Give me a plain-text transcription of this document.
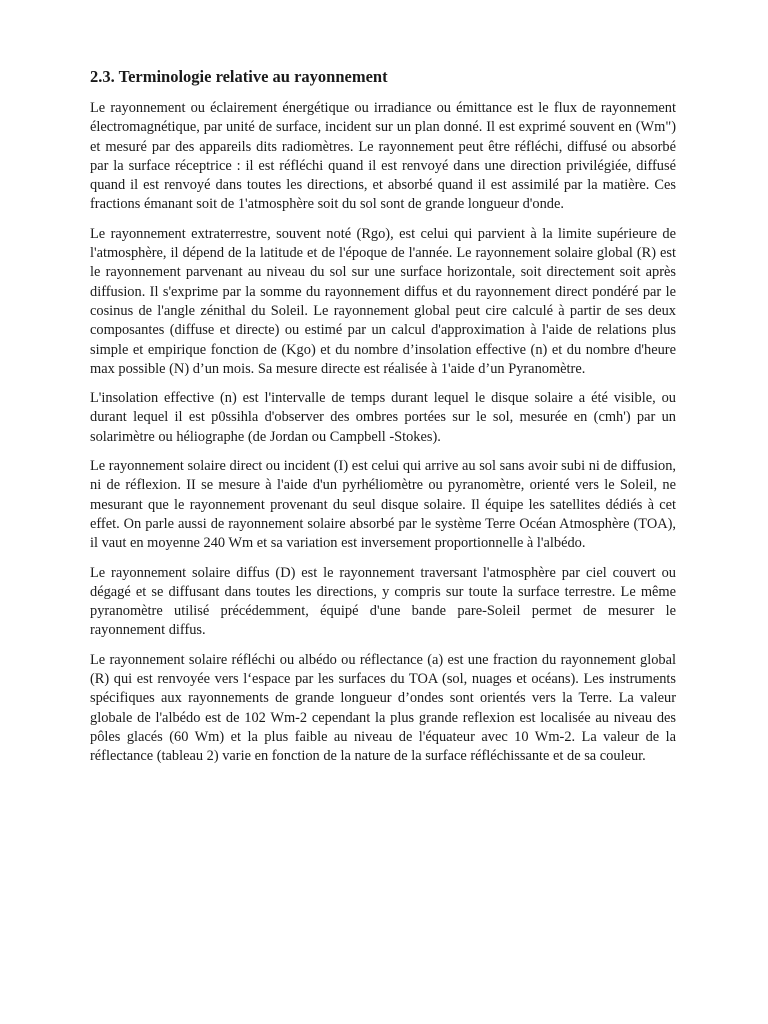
2.3. Terminologie relative au rayonnement

Le rayonnement ou éclairement énergétique ou irradiance ou émittance est le flux de rayonnement électromagnétique, par unité de surface, incident sur un plan donné. Il est exprimé souvent en (Wm") et mesuré par des appareils dits radiomètres. Le rayonnement peut être réfléchi, diffusé ou absorbé par la surface réceptrice : il est réfléchi quand il est renvoyé dans une direction privilégiée, diffusé quand il est renvoyé dans toutes les directions, et absorbé quand il est assimilé par la matière. Ces fractions émanant soit de 1'atmosphère soit du sol sont de grande longueur d'onde.

Le rayonnement extraterrestre, souvent noté (Rgo), est celui qui parvient à la limite supérieure de l'atmosphère, il dépend de la latitude et de l'époque de l'année. Le rayonnement solaire global (R) est le rayonnement parvenant au niveau du sol sur une surface horizontale, soit directement soit après diffusion. Il s'exprime par la somme du rayonnement diffus et du rayonnement direct pondéré par le cosinus de l'angle zénithal du Soleil. Le rayonnement global peut cire calculé à partir de ses deux composantes (diffuse et directe) ou estimé par un calcul d'approximation à l'aide de relations plus simple et empirique fonction de (Kgo) et du nombre d’insolation effective (n) et du nombre d'heure max possible (N) d’un mois. Sa mesure directe est réalisée à 1'aide d’un Pyranomètre.

L'insolation effective (n) est l'intervalle de temps durant lequel le disque solaire a été visible, ou durant lequel il est p0ssihla d'observer des ombres portées sur le sol, mesurée en (cmh') par un solarimètre ou héliographe (de Jordan ou Campbell -Stokes).

Le rayonnement solaire direct ou incident (I) est celui qui arrive au sol sans avoir subi ni de diffusion, ni de réflexion. II se mesure à l'aide d'un pyrhéliomètre ou pyranomètre, orienté vers le Soleil, ne mesurant que le rayonnement provenant du seul disque solaire. Il équipe les satellites dédiés à cet effet. On parle aussi de rayonnement solaire absorbé par le système Terre Océan Atmosphère (TOA), il vaut en moyenne 240 Wm et sa variation est inversement proportionnelle à l'albédo.

Le rayonnement solaire diffus (D) est le rayonnement traversant l'atmosphère par ciel couvert ou dégagé et se diffusant dans toutes les directions, y compris sur toute la surface terrestre. Le même pyranomètre utilisé précédemment, équipé d'une bande pare-Soleil permet de mesurer le rayonnement diffus.

Le rayonnement solaire réfléchi ou albédo ou réflectance (a) est une fraction du rayonnement global (R) qui est renvoyée vers l‘espace par les surfaces du TOA (sol, nuages et océans). Les instruments spécifiques aux rayonnements de grande longueur d’ondes sont orientés vers la Terre. La valeur globale de l'albédo est de 102 Wm-2 cependant la plus grande reflexion est localisée au niveau des pôles glacés (60 Wm) et la plus faible au niveau de l'équateur avec 10 Wm-2. La valeur de la réflectance (tableau 2) varie en fonction de la nature de la surface réfléchissante et de sa couleur.
